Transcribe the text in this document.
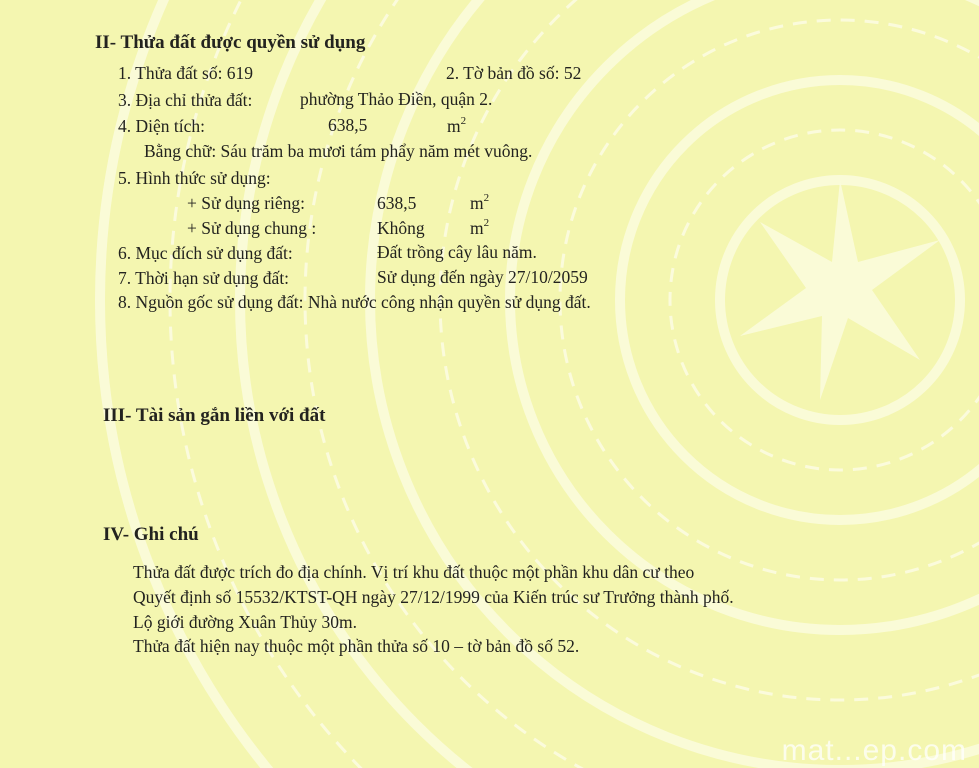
II- Thửa đất được quyền sử dụng
1. Thửa đất số: 619	2. Tờ bản đồ số: 52
3. Địa chỉ thửa đất:	phường Thảo Điền, quận 2.
4. Diện tích:	638,5	$m^2$
Bằng chữ: Sáu trăm ba mươi tám phẩy năm mét vuông.
5. Hình thức sử dụng:
+ Sử dụng riêng:	638,5	$m^2$
+ Sử dụng chung :	Không	$m^2$
6. Mục đích sử dụng đất:	Đất trồng cây lâu năm.
7. Thời hạn sử dụng đất:	Sử dụng đến ngày 27/10/2059
8. Nguồn gốc sử dụng đất: Nhà nước công nhận quyền sử dụng đất.
III- Tài sản gắn liền với đất
IV- Ghi chú
Thửa đất được trích đo địa chính. Vị trí khu đất thuộc một phần khu dân cư theo
Quyết định số 15532/KTST-QH ngày 27/12/1999 của Kiến trúc sư Trưởng thành phố.
Lộ giới đường Xuân Thủy 30m.
Thửa đất hiện nay thuộc một phần thửa số 10 – tờ bản đồ số 52.
mat...ep.com
